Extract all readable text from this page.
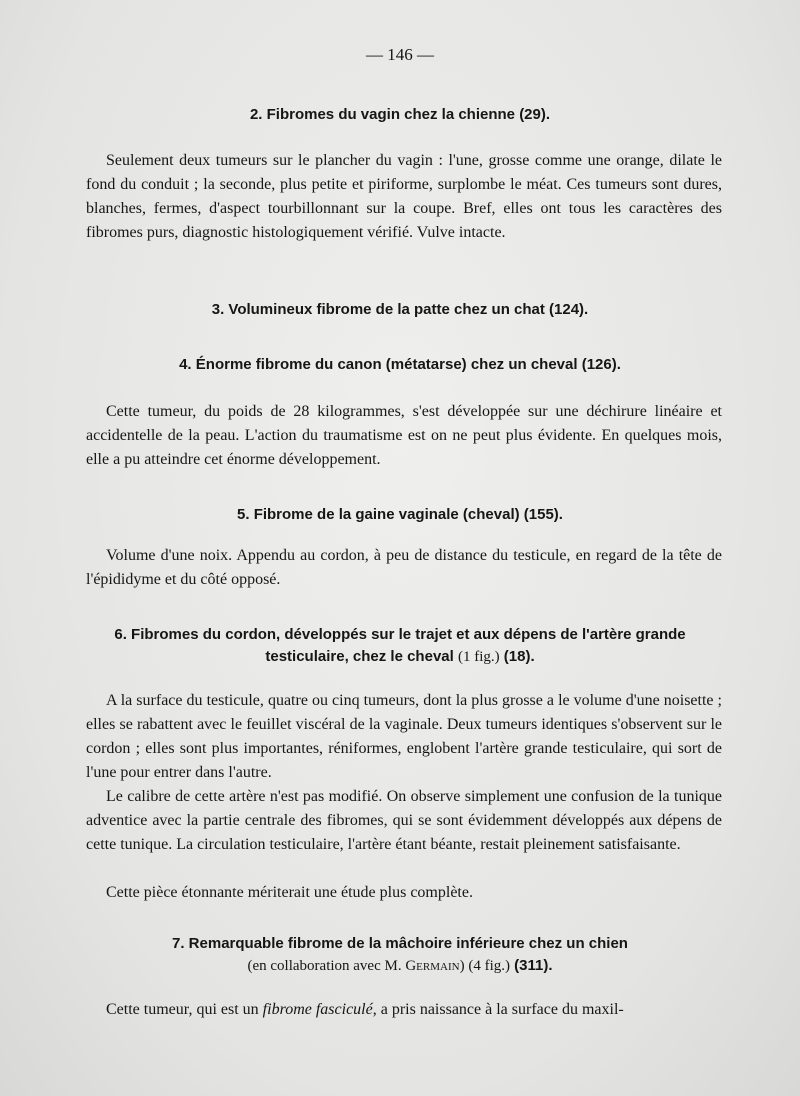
— 146 —
2. Fibromes du vagin chez la chienne (29).

Seulement deux tumeurs sur le plancher du vagin : l'une, grosse comme une orange, dilate le fond du conduit ; la seconde, plus petite et piriforme, surplombe le méat. Ces tumeurs sont dures, blanches, fermes, d'aspect tourbillonnant sur la coupe. Bref, elles ont tous les caractères des fibromes purs, diagnostic histologiquement vérifié. Vulve intacte.

3. Volumineux fibrome de la patte chez un chat (124).
4. Énorme fibrome du canon (métatarse) chez un cheval (126).

Cette tumeur, du poids de 28 kilogrammes, s'est développée sur une déchirure linéaire et accidentelle de la peau. L'action du traumatisme est on ne peut plus évidente. En quelques mois, elle a pu atteindre cet énorme développement.

5. Fibrome de la gaine vaginale (cheval) (155).

Volume d'une noix. Appendu au cordon, à peu de distance du testicule, en regard de la tête de l'épididyme et du côté opposé.

6. Fibromes du cordon, développés sur le trajet et aux dépens de l'artère grande
testiculaire, chez le cheval (1 fig.) (18).

A la surface du testicule, quatre ou cinq tumeurs, dont la plus grosse a le volume d'une noisette ; elles se rabattent avec le feuillet viscéral de la vaginale. Deux tumeurs identiques s'observent sur le cordon ; elles sont plus importantes, réniformes, englobent l'artère grande testiculaire, qui sort de l'une pour entrer dans l'autre.

Le calibre de cette artère n'est pas modifié. On observe simplement une confusion de la tunique adventice avec la partie centrale des fibromes, qui se sont évidemment développés aux dépens de cette tunique. La circulation testiculaire, l'artère étant béante, restait pleinement satisfaisante.

Cette pièce étonnante mériterait une étude plus complète.

7. Remarquable fibrome de la mâchoire inférieure chez un chien
(en collaboration avec M. Germain) (4 fig.) (311).

Cette tumeur, qui est un fibrome fasciculé, a pris naissance à la surface du maxil-
